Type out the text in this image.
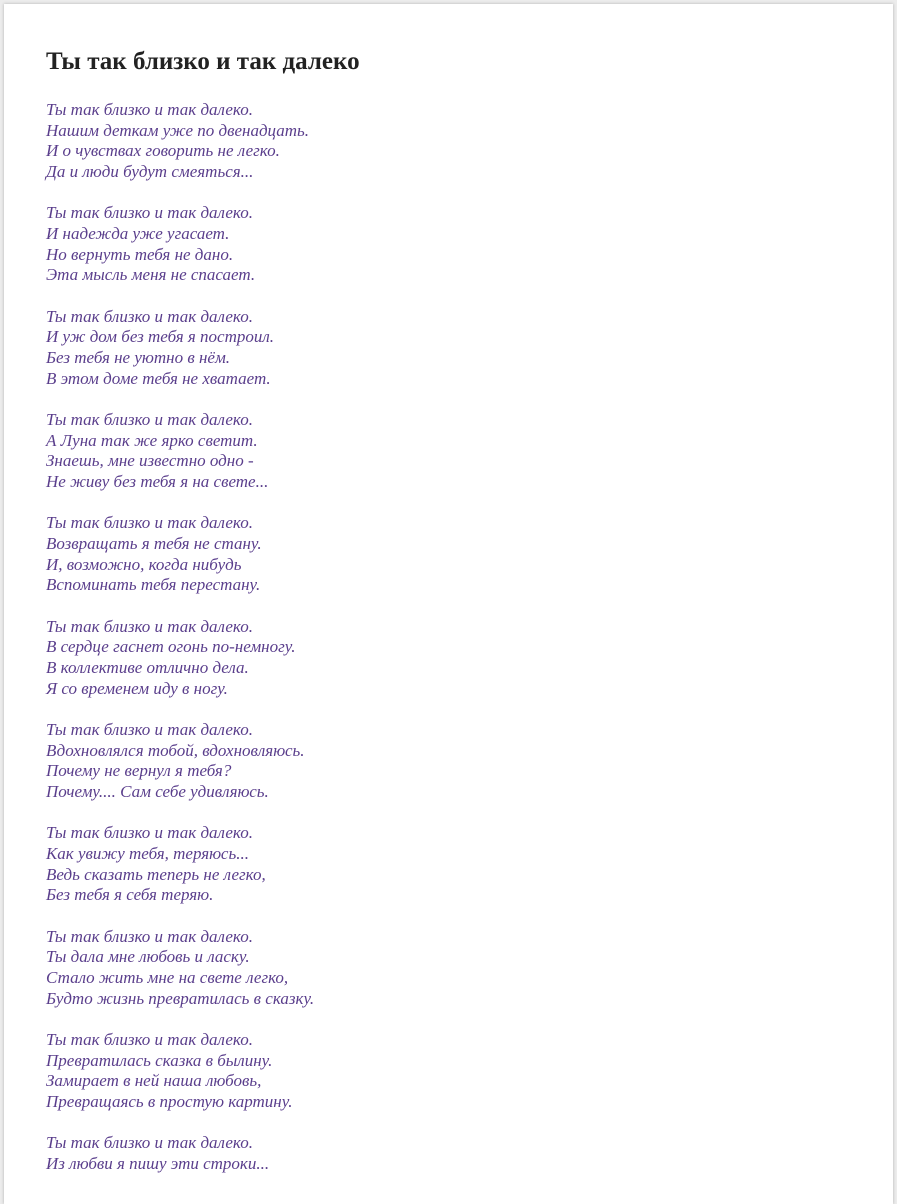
Ты так близко и так далеко
Ты так близко и так далеко.
Нашим деткам уже по двенадцать.
И о чувствах говорить не легко.
Да и люди будут смеяться...
Ты так близко и так далеко.
И надежда уже угасает.
Но вернуть тебя не дано.
Эта мысль меня не спасает.
Ты так близко и так далеко.
И уж дом без тебя я построил.
Без тебя не уютно в нём.
В этом доме тебя не хватает.
Ты так близко и так далеко.
А Луна так же ярко светит.
Знаешь, мне известно одно -
Не живу без тебя я на свете...
Ты так близко и так далеко.
Возвращать я тебя не стану.
И, возможно, когда нибудь
Вспоминать тебя перестану.
Ты так близко и так далеко.
В сердце гаснет огонь по-немногу.
В коллективе отлично дела.
Я со временем иду в ногу.
Ты так близко и так далеко.
Вдохновлялся тобой, вдохновляюсь.
Почему не вернул я тебя?
Почему.... Сам себе удивляюсь.
Ты так близко и так далеко.
Как увижу тебя, теряюсь...
Ведь сказать теперь не легко,
Без тебя я себя теряю.
Ты так близко и так далеко.
Ты дала мне любовь и ласку.
Стало жить мне на свете легко,
Будто жизнь превратилась в сказку.
Ты так близко и так далеко.
Превратилась сказка в былину.
Замирает в ней наша любовь,
Превращаясь в простую картину.
Ты так близко и так далеко.
Из любви я пишу эти строки...
